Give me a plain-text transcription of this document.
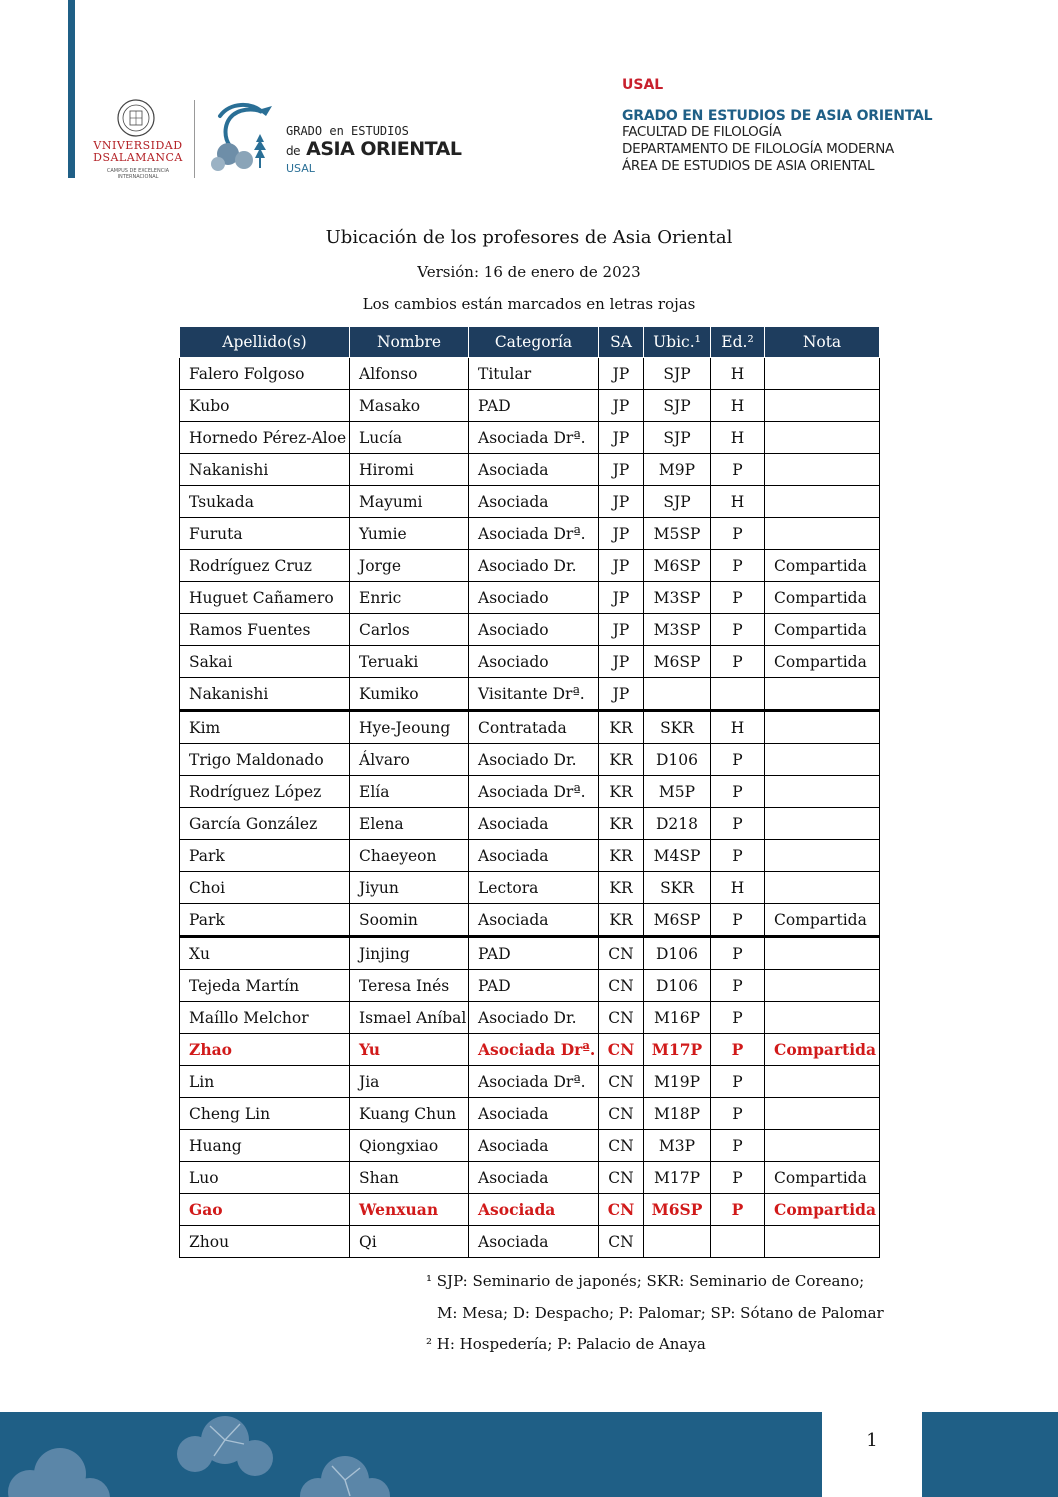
VNIVERSIDAD
DSALAMANCA
CAMPUS DE EXCELENCIA INTERNACIONAL
GRADO en ESTUDIOS
de ASIA ORIENTAL
USAL
USAL
GRADO EN ESTUDIOS DE ASIA ORIENTAL
FACULTAD DE FILOLOGÍA
DEPARTAMENTO DE FILOLOGÍA MODERNA
ÁREA DE ESTUDIOS DE ASIA ORIENTAL
Ubicación de los profesores de Asia Oriental
Versión: 16 de enero de 2023
Los cambios están marcados en letras rojas
Apellido(s)	Nombre	Categoría	SA	Ubic.¹	Ed.²	Nota
Falero Folgoso	Alfonso	Titular	JP	SJP	H	
Kubo	Masako	PAD	JP	SJP	H	
Hornedo Pérez-Aloe	Lucía	Asociada Drª.	JP	SJP	H	
Nakanishi	Hiromi	Asociada	JP	M9P	P	
Tsukada	Mayumi	Asociada	JP	SJP	H	
Furuta	Yumie	Asociada Drª.	JP	M5SP	P	
Rodríguez Cruz	Jorge	Asociado Dr.	JP	M6SP	P	Compartida
Huguet Cañamero	Enric	Asociado	JP	M3SP	P	Compartida
Ramos Fuentes	Carlos	Asociado	JP	M3SP	P	Compartida
Sakai	Teruaki	Asociado	JP	M6SP	P	Compartida
Nakanishi	Kumiko	Visitante Drª.	JP			
Kim	Hye-Jeoung	Contratada	KR	SKR	H	
Trigo Maldonado	Álvaro	Asociado Dr.	KR	D106	P	
Rodríguez López	Elía	Asociada Drª.	KR	M5P	P	
García González	Elena	Asociada	KR	D218	P	
Park	Chaeyeon	Asociada	KR	M4SP	P	
Choi	Jiyun	Lectora	KR	SKR	H	
Park	Soomin	Asociada	KR	M6SP	P	Compartida
Xu	Jinjing	PAD	CN	D106	P	
Tejeda Martín	Teresa Inés	PAD	CN	D106	P	
Maíllo Melchor	Ismael Aníbal	Asociado Dr.	CN	M16P	P	
Zhao	Yu	Asociada Drª.	CN	M17P	P	Compartida
Lin	Jia	Asociada Drª.	CN	M19P	P	
Cheng Lin	Kuang Chun	Asociada	CN	M18P	P	
Huang	Qiongxiao	Asociada	CN	M3P	P	
Luo	Shan	Asociada	CN	M17P	P	Compartida
Gao	Wenxuan	Asociada	CN	M6SP	P	Compartida
Zhou	Qi	Asociada	CN			
¹ SJP: Seminario de japonés; SKR: Seminario de Coreano;
M: Mesa; D: Despacho; P: Palomar; SP: Sótano de Palomar
² H: Hospedería; P: Palacio de Anaya
1
